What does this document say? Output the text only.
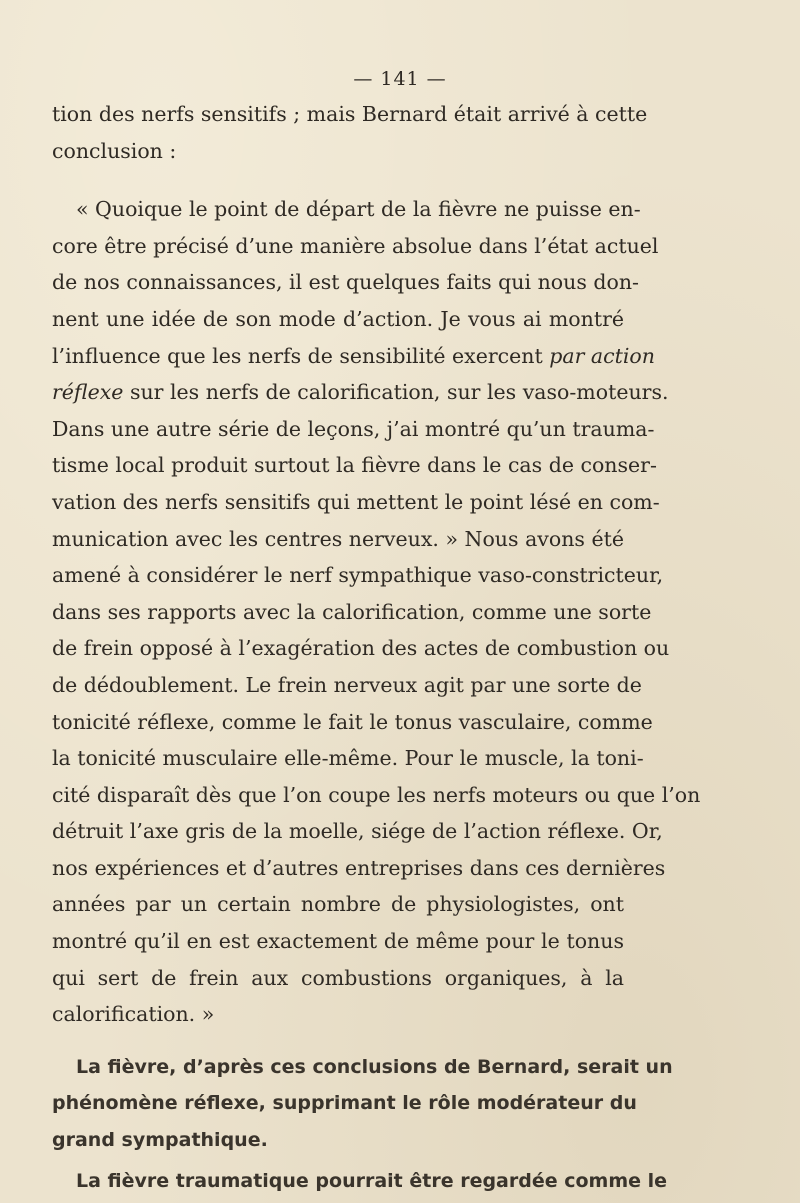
— 141 —
tion des nerfs sensitifs ; mais Bernard était arrivé à cette
conclusion :
« Quoique le point de départ de la fièvre ne puisse en-
core être précisé d’une manière absolue dans l’état actuel
de nos connaissances, il est quelques faits qui nous don-
nent une idée de son mode d’action. Je vous ai montré
l’influence que les nerfs de sensibilité exercent par action
réflexe sur les nerfs de calorification, sur les vaso-moteurs.
Dans une autre série de leçons, j’ai montré qu’un trauma-
tisme local produit surtout la fièvre dans le cas de conser-
vation des nerfs sensitifs qui mettent le point lésé en com-
munication avec les centres nerveux. » Nous avons été
amené à considérer le nerf sympathique vaso-constricteur,
dans ses rapports avec la calorification, comme une sorte
de frein opposé à l’exagération des actes de combustion ou
de dédoublement. Le frein nerveux agit par une sorte de
tonicité réflexe, comme le fait le tonus vasculaire, comme
la tonicité musculaire elle-même. Pour le muscle, la toni-
cité disparaît dès que l’on coupe les nerfs moteurs ou que l’on
détruit l’axe gris de la moelle, siége de l’action réflexe. Or,
nos expériences et d’autres entreprises dans ces dernières
années par un certain nombre de physiologistes, ont
montré qu’il en est exactement de même pour le tonus
qui sert de frein aux combustions organiques, à la
calorification. »
La fièvre, d’après ces conclusions de Bernard, serait un
phénomène réflexe, supprimant le rôle modérateur du
grand sympathique.
La fièvre traumatique pourrait être regardée comme le
